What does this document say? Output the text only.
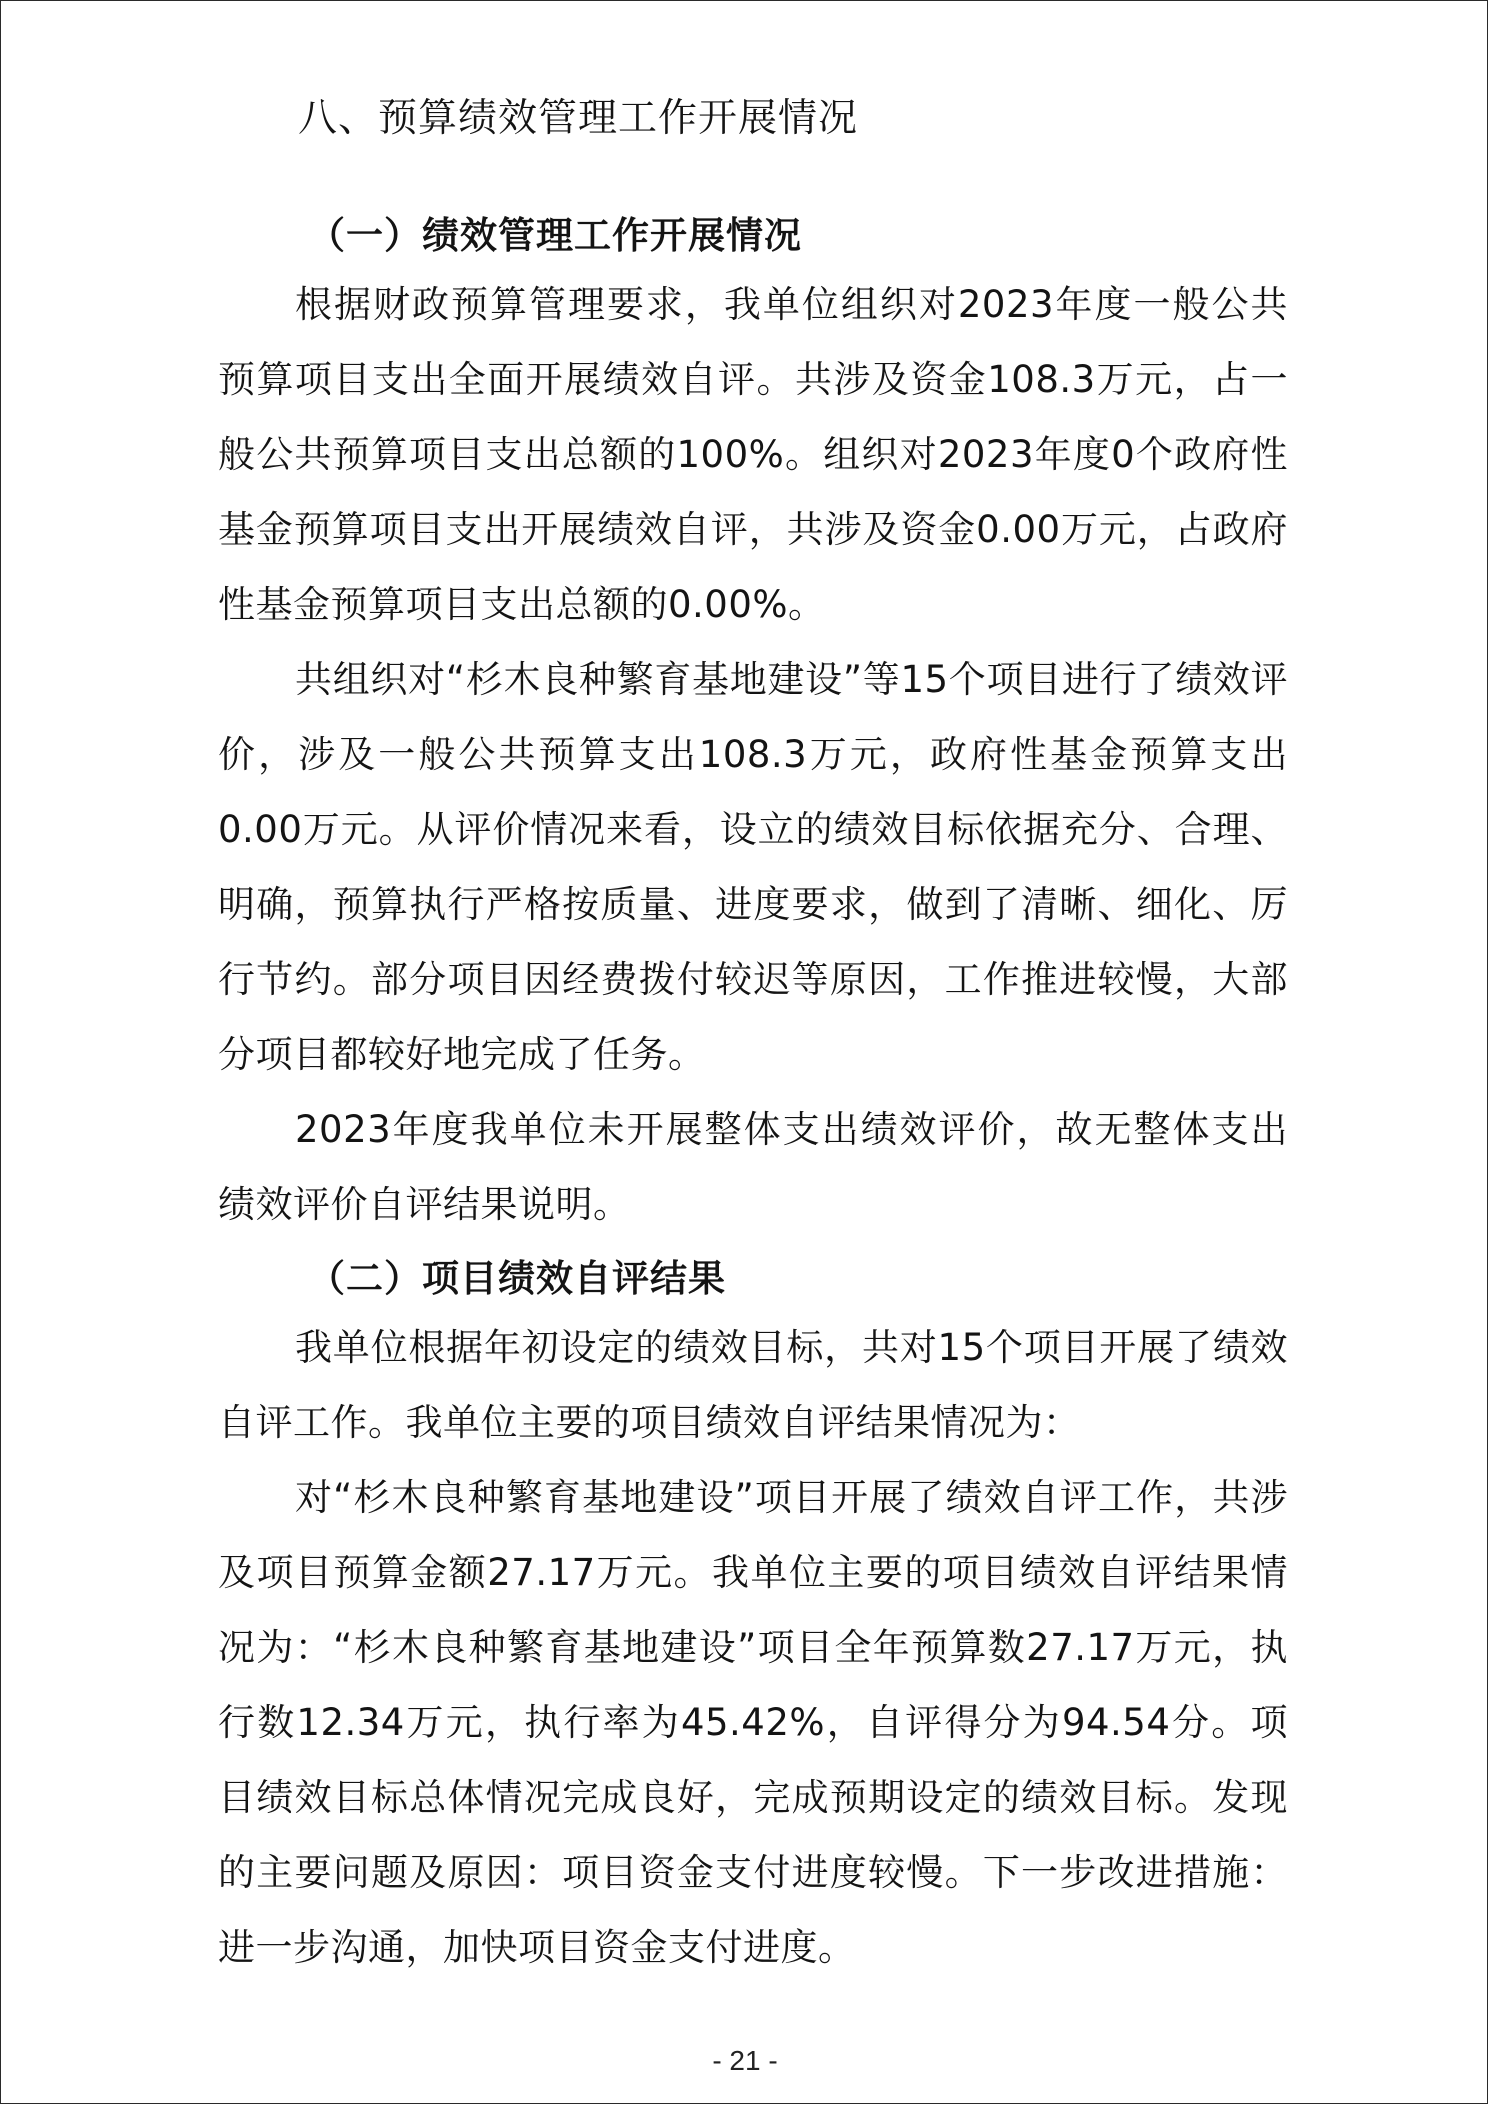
八、预算绩效管理工作开展情况
（一）绩效管理工作开展情况

根据财政预算管理要求，我单位组织对2023年度一般公共预算项目支出全面开展绩效自评。共涉及资金108.3万元，占一般公共预算项目支出总额的100%。组织对2023年度0个政府性基金预算项目支出开展绩效自评，共涉及资金0.00万元，占政府性基金预算项目支出总额的0.00%。

共组织对“杉木良种繁育基地建设”等15个项目进行了绩效评价，涉及一般公共预算支出108.3万元，政府性基金预算支出0.00万元。从评价情况来看，设立的绩效目标依据充分、合理、明确，预算执行严格按质量、进度要求，做到了清晰、细化、厉行节约。部分项目因经费拨付较迟等原因，工作推进较慢，大部分项目都较好地完成了任务。

2023年度我单位未开展整体支出绩效评价，故无整体支出绩效评价自评结果说明。

（二）项目绩效自评结果

我单位根据年初设定的绩效目标，共对15个项目开展了绩效自评工作。我单位主要的项目绩效自评结果情况为：

对“杉木良种繁育基地建设”项目开展了绩效自评工作，共涉及项目预算金额27.17万元。我单位主要的项目绩效自评结果情况为：“杉木良种繁育基地建设”项目全年预算数27.17万元，执行数12.34万元，执行率为45.42%，自评得分为94.54分。项目绩效目标总体情况完成良好，完成预期设定的绩效目标。发现的主要问题及原因：项目资金支付进度较慢。下一步改进措施：进一步沟通，加快项目资金支付进度。

- 21 -
